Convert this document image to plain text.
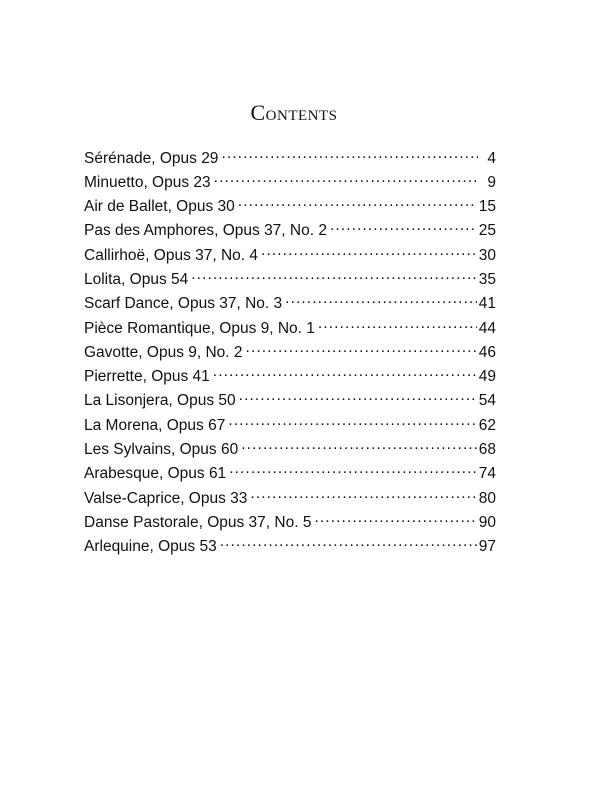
Contents
Sérénade, Opus 29 .....	4
Minuetto, Opus 23 .....	9
Air de Ballet, Opus 30 .....	15
Pas des Amphores, Opus 37, No. 2 .....	25
Callirhoë, Opus 37, No. 4 .....	30
Lolita, Opus 54 .....	35
Scarf Dance, Opus 37, No. 3 .....	41
Pièce Romantique, Opus 9, No. 1 .....	44
Gavotte, Opus 9, No. 2 .....	46
Pierrette, Opus 41 .....	49
La Lisonjera, Opus 50 .....	54
La Morena, Opus 67 .....	62
Les Sylvains, Opus 60 .....	68
Arabesque, Opus 61 .....	74
Valse-Caprice, Opus 33 .....	80
Danse Pastorale, Opus 37, No. 5 .....	90
Arlequine, Opus 53 .....	97
